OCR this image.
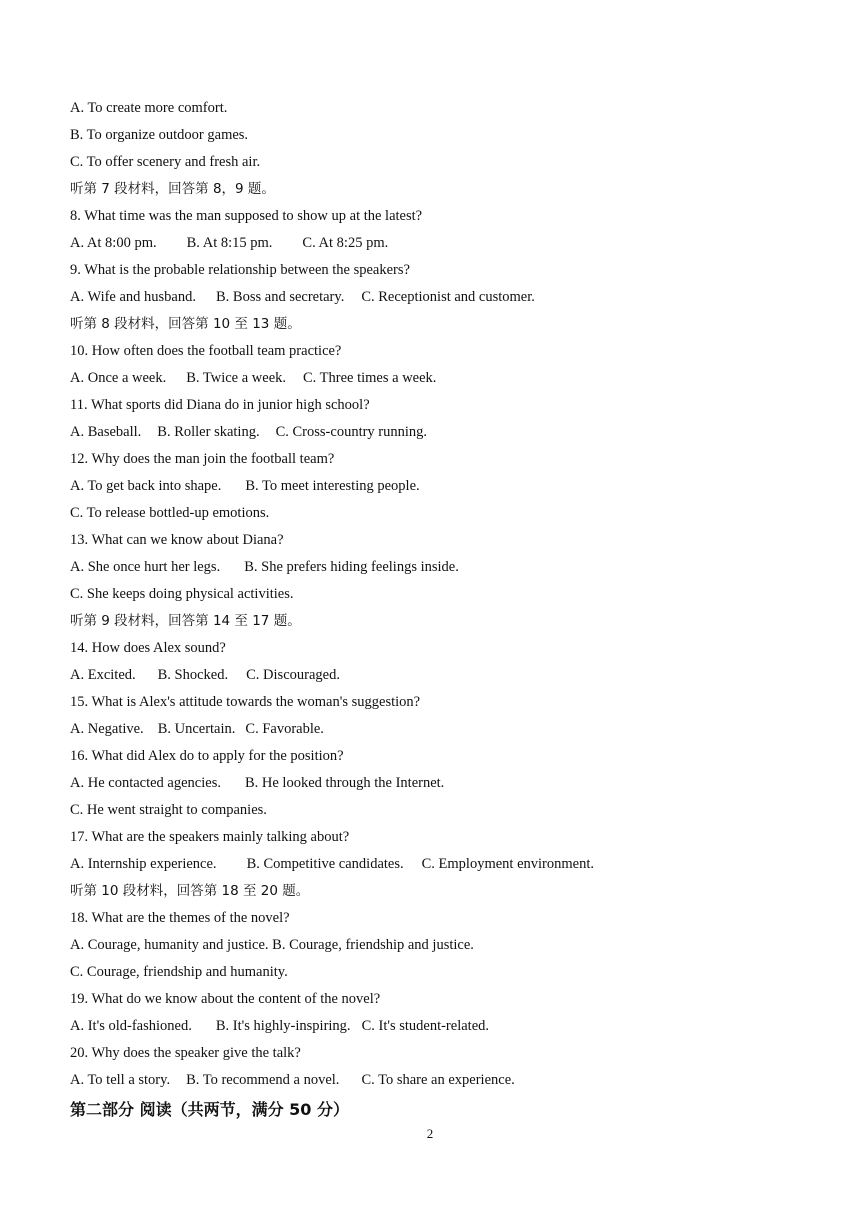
A. To create more comfort.
B. To organize outdoor games.
C. To offer scenery and fresh air.
听第 7 段材料，回答第 8，9 题。
8. What time was the man supposed to show up at the latest?
A. At 8:00 pm. B. At 8:15 pm. C. At 8:25 pm.
9. What is the probable relationship between the speakers?
A. Wife and husband. B. Boss and secretary. C. Receptionist and customer.
听第 8 段材料，回答第 10 至 13 题。
10. How often does the football team practice?
A. Once a week. B. Twice a week. C. Three times a week.
11. What sports did Diana do in junior high school?
A. Baseball. B. Roller skating. C. Cross-country running.
12. Why does the man join the football team?
A. To get back into shape. B. To meet interesting people.
C. To release bottled-up emotions.
13. What can we know about Diana?
A. She once hurt her legs. B. She prefers hiding feelings inside.
C. She keeps doing physical activities.
听第 9 段材料，回答第 14 至 17 题。
14. How does Alex sound?
A. Excited. B. Shocked. C. Discouraged.
15. What is Alex's attitude towards the woman's suggestion?
A. Negative. B. Uncertain. C. Favorable.
16. What did Alex do to apply for the position?
A. He contacted agencies. B. He looked through the Internet.
C. He went straight to companies.
17. What are the speakers mainly talking about?
A. Internship experience. B. Competitive candidates. C. Employment environment.
听第 10 段材料，回答第 18 至 20 题。
18. What are the themes of the novel?
A. Courage, humanity and justice. B. Courage, friendship and justice.
C. Courage, friendship and humanity.
19. What do we know about the content of the novel?
A. It's old-fashioned. B. It's highly-inspiring. C. It's student-related.
20. Why does the speaker give the talk?
A. To tell a story. B. To recommend a novel. C. To share an experience.
第二部分 阅读（共两节，满分 50 分）
2
